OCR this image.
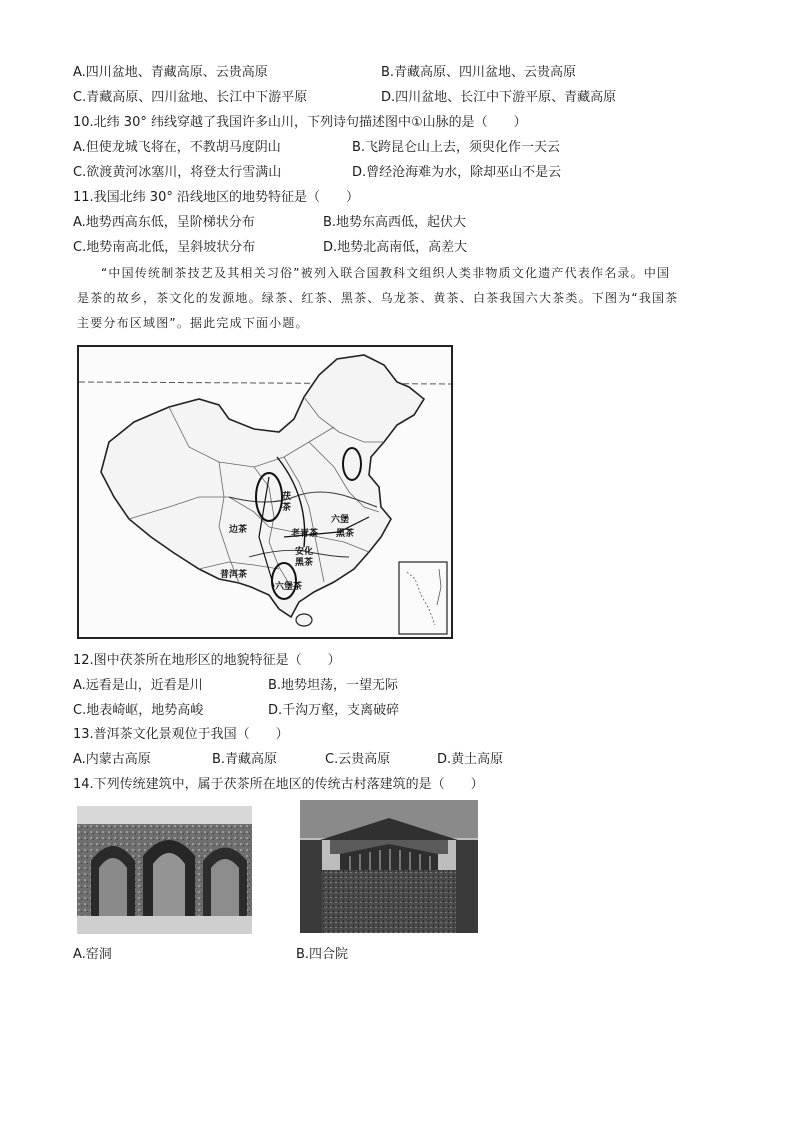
A.四川盆地、青藏高原、云贵高原	B.青藏高原、四川盆地、云贵高原
C.青藏高原、四川盆地、长江中下游平原	D.四川盆地、长江中下游平原、青藏高原
10.北纬 30° 纬线穿越了我国许多山川，下列诗句描述图中①山脉的是（　　）
A.但使龙城飞将在，不教胡马度阴山	B.飞跨昆仑山上去，须臾化作一天云
C.欲渡黄河冰塞川，将登太行雪满山	D.曾经沧海难为水，除却巫山不是云
11.我国北纬 30° 沿线地区的地势特征是（　　）
A.地势西高东低，呈阶梯状分布	B.地势东高西低，起伏大
C.地势南高北低，呈斜坡状分布	D.地势北高南低，高差大
“中国传统制茶技艺及其相关习俗”被列入联合国教科文组织人类非物质文化遗产代表作名录。中国
是茶的故乡，茶文化的发源地。绿茶、红茶、黑茶、乌龙茶、黄茶、白茶我国六大茶类。下图为“我国茶
主要分布区域图”。据此完成下面小题。
茯
茶
边茶	老青茶
六堡
黑茶
安化
黑茶
普洱茶
六堡茶
12.图中茯茶所在地形区的地貌特征是（　　）
A.远看是山，近看是川	B.地势坦荡，一望无际
C.地表崎岖，地势高峻	D.千沟万壑，支离破碎
13.普洱茶文化景观位于我国（　　）
A.内蒙古高原	B.青藏高原	C.云贵高原	D.黄土高原
14.下列传统建筑中，属于茯茶所在地区的传统古村落建筑的是（　　）
A.窑洞	B.四合院
